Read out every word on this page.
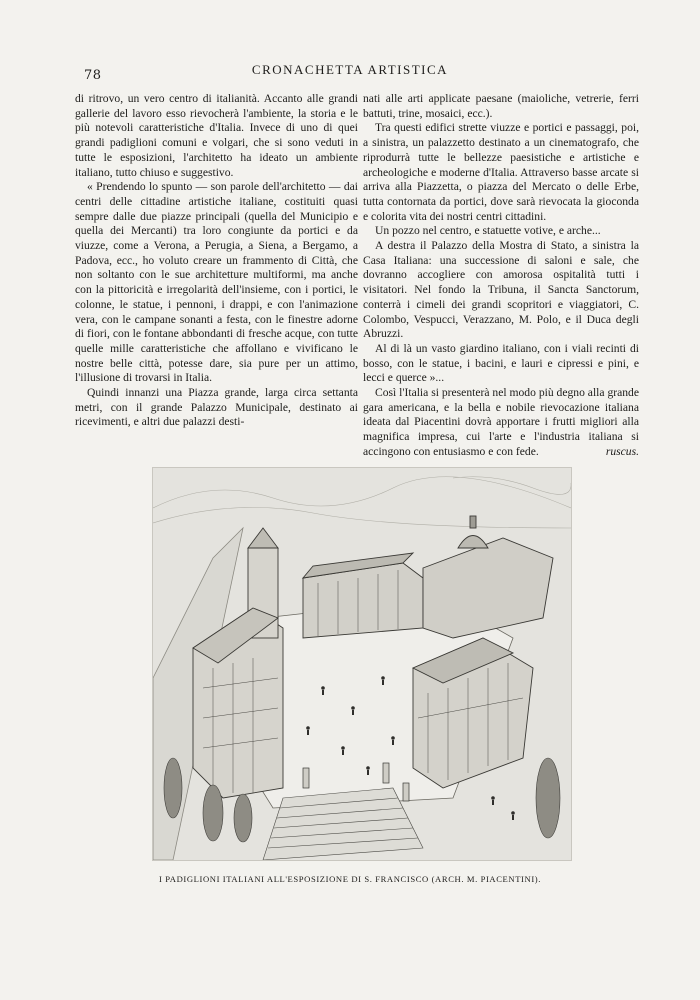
78	CRONACHETTA ARTISTICA

di ritrovo, un vero centro di italianità. Accanto alle grandi gallerie del lavoro esso rievocherà l'ambiente, la storia e le più notevoli caratteristiche d'Italia. Invece di uno di quei grandi padiglioni comuni e volgari, che si sono veduti in tutte le esposizioni, l'architetto ha ideato un ambiente italiano, tutto chiuso e suggestivo.

« Prendendo lo spunto — son parole dell'architetto — dai centri delle cittadine artistiche italiane, costituiti quasi sempre dalle due piazze principali (quella del Municipio e quella dei Mercanti) tra loro congiunte da portici e da viuzze, come a Verona, a Perugia, a Siena, a Bergamo, a Padova, ecc., ho voluto creare un frammento di Città, che non soltanto con le sue architetture multiformi, ma anche con la pittoricità e irregolarità dell'insieme, con i portici, le colonne, le statue, i pennoni, i drappi, e con l'animazione vera, con le campane sonanti a festa, con le finestre adorne di fiori, con le fontane abbondanti di fresche acque, con tutte quelle mille caratteristiche che affollano e vivificano le nostre belle città, potesse dare, sia pure per un attimo, l'illusione di trovarsi in Italia.

Quindi innanzi una Piazza grande, larga circa settanta metri, con il grande Palazzo Municipale, destinato ai ricevimenti, e altri due palazzi desti-

nati alle arti applicate paesane (maioliche, vetrerie, ferri battuti, trine, mosaici, ecc.).

Tra questi edifici strette viuzze e portici e passaggi, poi, a sinistra, un palazzetto destinato a un cinematografo, che riprodurrà tutte le bellezze paesistiche e artistiche e archeologiche e moderne d'Italia. Attraverso basse arcate si arriva alla Piazzetta, o piazza del Mercato o delle Erbe, tutta contornata da portici, dove sarà rievocata la gioconda e colorita vita dei nostri centri cittadini.

Un pozzo nel centro, e statuette votive, e arche...

A destra il Palazzo della Mostra di Stato, a sinistra la Casa Italiana: una successione di saloni e sale, che dovranno accogliere con amorosa ospitalità tutti i visitatori. Nel fondo la Tribuna, il Sancta Sanctorum, conterrà i cimeli dei grandi scopritori e viaggiatori, C. Colombo, Vespucci, Verazzano, M. Polo, e il Duca degli Abruzzi.

Al di là un vasto giardino italiano, con i viali recinti di bosso, con le statue, i bacini, e lauri e cipressi e pini, e lecci e querce »...

Così l'Italia si presenterà nel modo più degno alla grande gara americana, e la bella e nobile rievocazione italiana ideata dal Piacentini dovrà apportare i frutti migliori alla magnifica impresa, cui l'arte e l'industria italiana si accingono con entusiasmo e con fede.	ruscus.

I PADIGLIONI ITALIANI ALL'ESPOSIZIONE DI S. FRANCISCO (ARCH. M. PIACENTINI).
